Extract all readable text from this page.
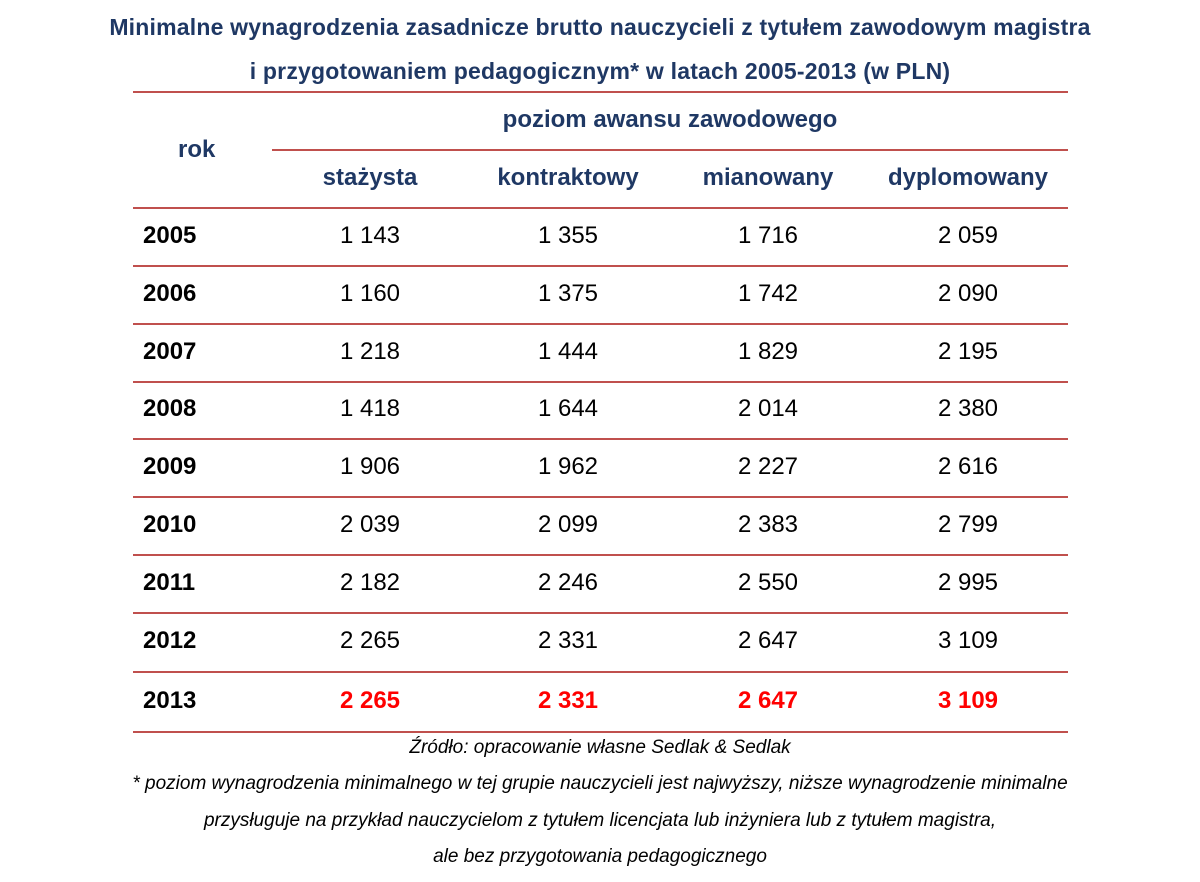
Minimalne wynagrodzenia zasadnicze brutto nauczycieli z tytułem zawodowym magistra
i przygotowaniem pedagogicznym* w latach 2005-2013 (w PLN)
rok
poziom awansu zawodowego
stażysta	kontraktowy	mianowany	dyplomowany
2005	1 143	1 355	1 716	2 059
2006	1 160	1 375	1 742	2 090
2007	1 218	1 444	1 829	2 195
2008	1 418	1 644	2 014	2 380
2009	1 906	1 962	2 227	2 616
2010	2 039	2 099	2 383	2 799
2011	2 182	2 246	2 550	2 995
2012	2 265	2 331	2 647	3 109
2013	2 265	2 331	2 647	3 109
Źródło: opracowanie własne Sedlak & Sedlak
* poziom wynagrodzenia minimalnego w tej grupie nauczycieli jest najwyższy, niższe wynagrodzenie minimalne
przysługuje na przykład nauczycielom z tytułem licencjata lub inżyniera lub z tytułem magistra,
ale bez przygotowania pedagogicznego
